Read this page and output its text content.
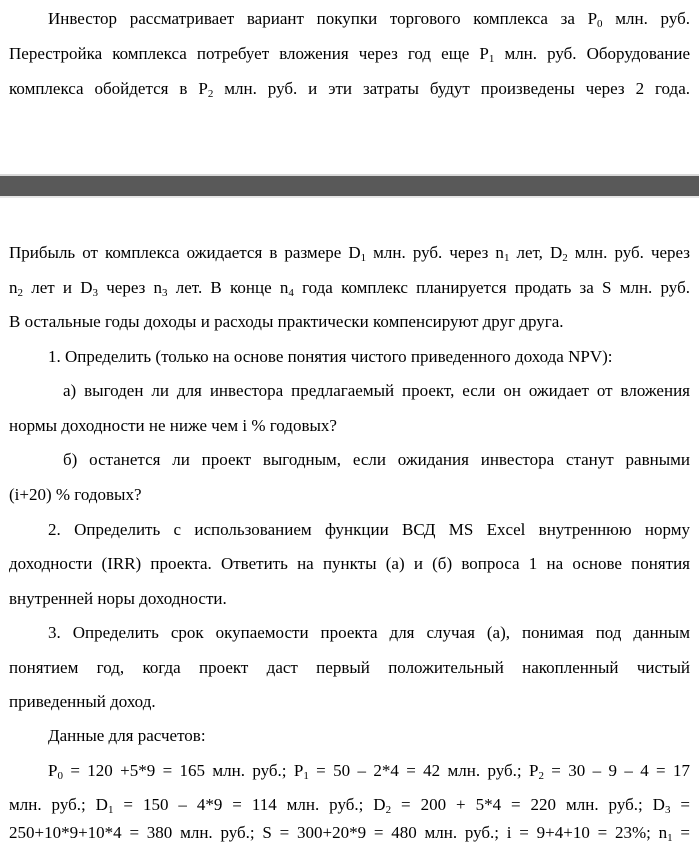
Инвестор рассматривает вариант покупки торгового комплекса за $P_0$ млн. руб.
Перестройка комплекса потребует вложения через год еще $P_1$ млн. руб. Оборудование
комплекса обойдется в $P_2$ млн. руб. и эти затраты будут произведены через 2 года.
Прибыль от комплекса ожидается в размере $D_1$ млн. руб. через $n_1$ лет, $D_2$ млн. руб. через
$n_2$ лет и $D_3$ через $n_3$ лет. В конце $n_4$ года комплекс планируется продать за S млн. руб.
В остальные годы доходы и расходы практически компенсируют друг друга.
1. Определить (только на основе понятия чистого приведенного дохода NPV):
а) выгоден ли для инвестора предлагаемый проект, если он ожидает от вложения
нормы доходности не ниже чем i % годовых?
б) останется ли проект выгодным, если ожидания инвестора станут равными
(i+20) % годовых?
2. Определить с использованием функции ВСД MS Excel внутреннюю норму
доходности (IRR) проекта. Ответить на пункты (а) и (б) вопроса 1 на основе понятия
внутренней норы доходности.
3. Определить срок окупаемости проекта для случая (а), понимая под данным
понятием год, когда проект даст первый положительный накопленный чистый
приведенный доход.
Данные для расчетов:
$P_0 = 120 +5*9 = 165$ млн. руб.; $P_1 = 50 - 2*4 = 42$ млн. руб.; $P_2 = 30 - 9 - 4 = 17$
млн. руб.; $D_1 = 150 - 4*9 = 114$ млн. руб.; $D_2 = 200 + 5*4 = 220$ млн. руб.; $D_3$ =
250+10*9+10*4 = 380 млн. руб.; S = 300+20*9 = 480 млн. руб.; i = 9+4+10 = 23%; $n_1$ =
